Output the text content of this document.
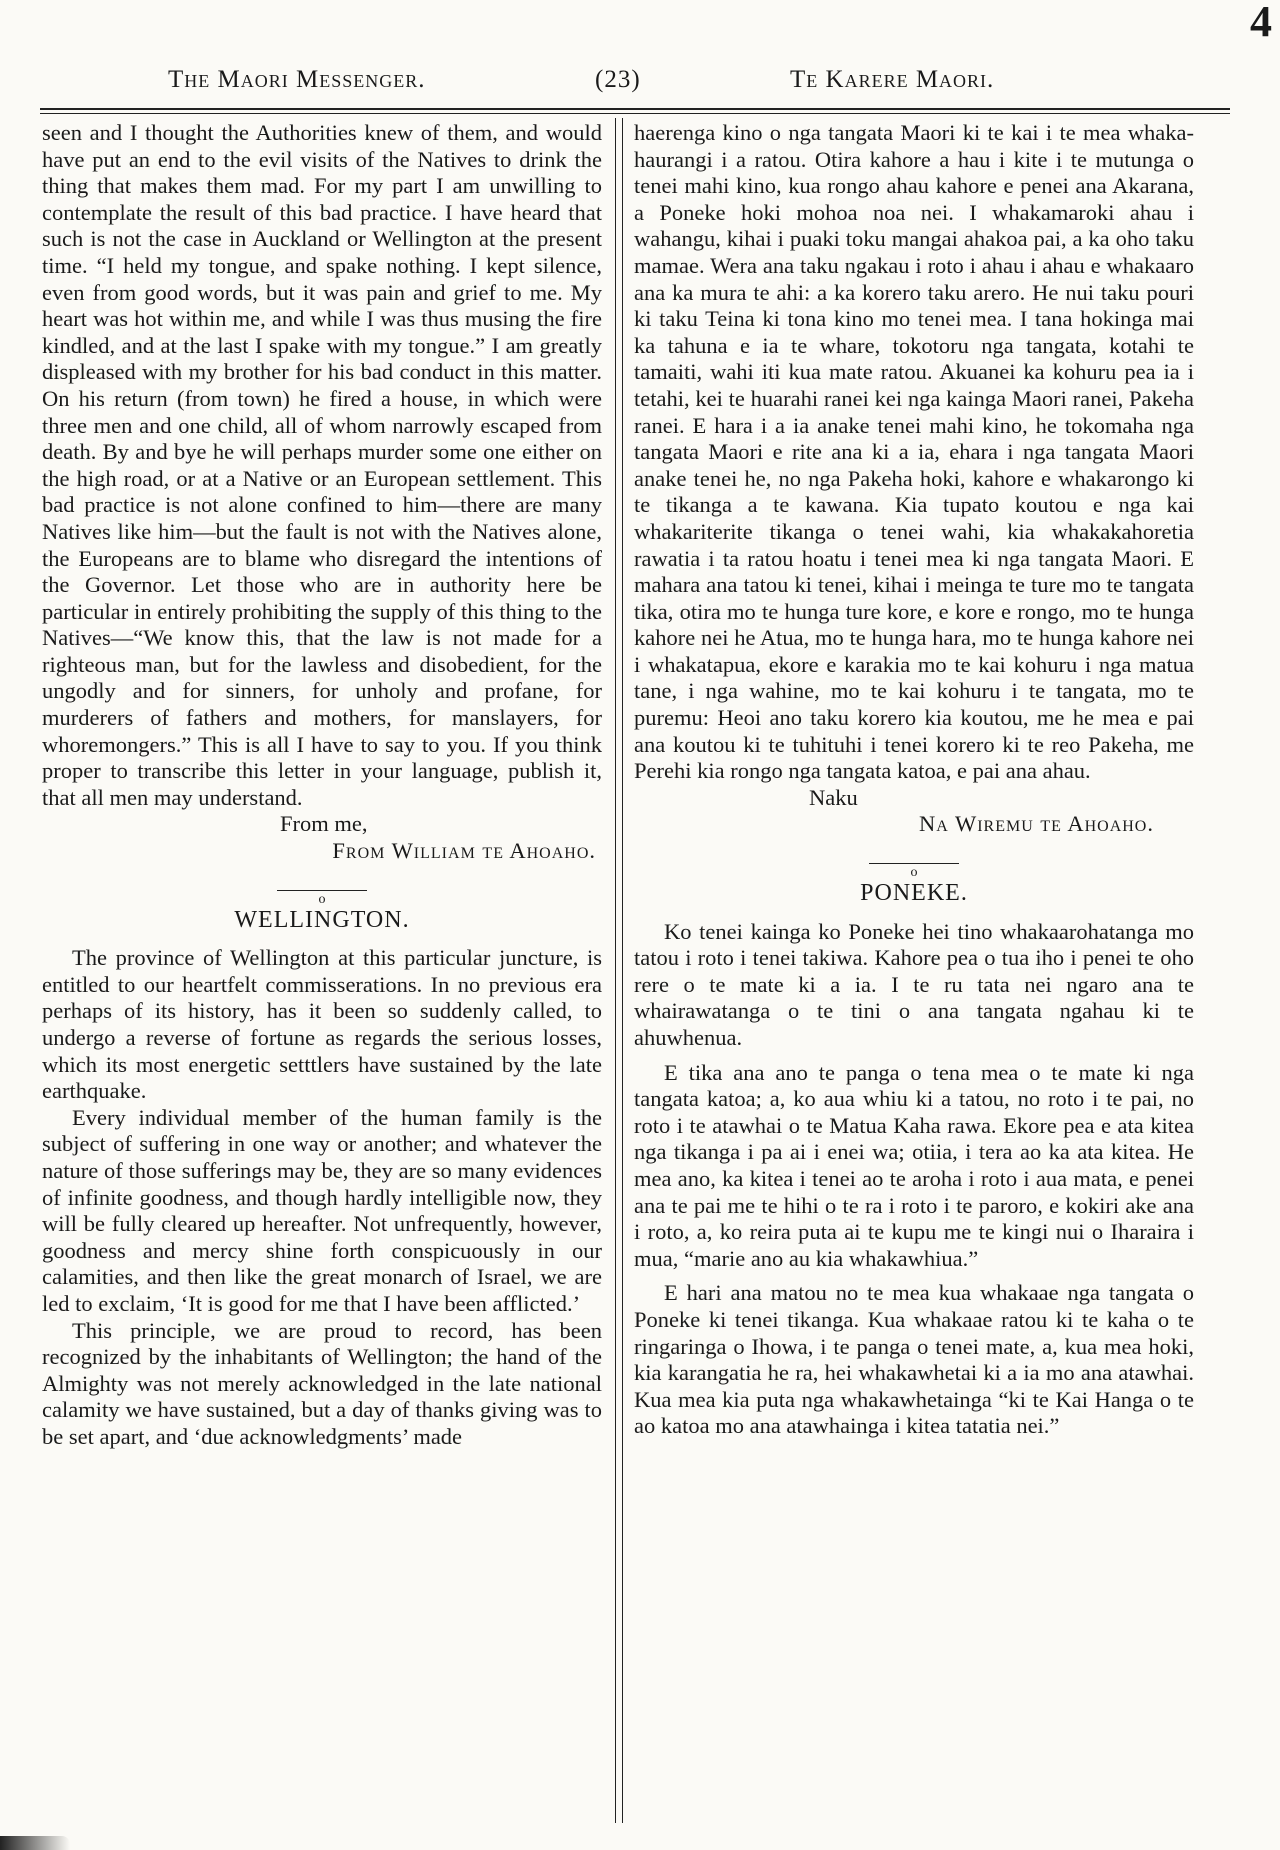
4
The Maori Messenger.	(23)	Te Karere Maori.

seen and I thought the Authorities knew of them, and would have put an end to the evil visits of the Natives to drink the thing that makes them mad. For my part I am unwilling to contemplate the result of this bad practice. I have heard that such is not the case in Auckland or Wellington at the present time. “I held my tongue, and spake nothing. I kept silence, even from good words, but it was pain and grief to me. My heart was hot within me, and while I was thus musing the fire kindled, and at the last I spake with my tongue.” I am greatly displeased with my brother for his bad conduct in this matter. On his return (from town) he fired a house, in which were three men and one child, all of whom narrowly escaped from death. By and bye he will perhaps murder some one either on the high road, or at a Native or an European settlement. This bad practice is not alone confined to him—there are many Natives like him—but the fault is not with the Natives alone, the Europeans are to blame who disregard the intentions of the Governor. Let those who are in authority here be particular in entirely prohibiting the supply of this thing to the Natives—“We know this, that the law is not made for a righteous man, but for the lawless and disobedient, for the ungodly and for sinners, for unholy and profane, for murderers of fathers and mothers, for manslayers, for whoremongers.” This is all I have to say to you. If you think proper to transcribe this letter in your language, publish it, that all men may understand.

From me,

From William te Ahoaho.

o
WELLINGTON.

The province of Wellington at this particular juncture, is entitled to our heartfelt commisserations. In no previous era perhaps of its history, has it been so suddenly called, to undergo a reverse of fortune as regards the serious losses, which its most energetic setttlers have sustained by the late earthquake.

Every individual member of the human family is the subject of suffering in one way or another; and whatever the nature of those sufferings may be, they are so many evidences of infinite goodness, and though hardly intelligible now, they will be fully cleared up hereafter. Not unfrequently, however, goodness and mercy shine forth conspicuously in our calamities, and then like the great monarch of Israel, we are led to exclaim, ‘It is good for me that I have been afflicted.’

This principle, we are proud to record, has been recognized by the inhabitants of Wellington; the hand of the Almighty was not merely acknowledged in the late national calamity we have sustained, but a day of thanks giving was to be set apart, and ‘due acknowledgments’ made

haerenga kino o nga tangata Maori ki te kai i te mea whaka-haurangi i a ratou. Otira kahore a hau i kite i te mutunga o tenei mahi kino, kua rongo ahau kahore e penei ana Akarana, a Poneke hoki mohoa noa nei. I whakamaroki ahau i wahangu, kihai i puaki toku mangai ahakoa pai, a ka oho taku mamae. Wera ana taku ngakau i roto i ahau i ahau e whakaaro ana ka mura te ahi: a ka korero taku arero. He nui taku pouri ki taku Teina ki tona kino mo tenei mea. I tana hokinga mai ka tahuna e ia te whare, tokotoru nga tangata, kotahi te tamaiti, wahi iti kua mate ratou. Akuanei ka kohuru pea ia i tetahi, kei te huarahi ranei kei nga kainga Maori ranei, Pakeha ranei. E hara i a ia anake tenei mahi kino, he tokomaha nga tangata Maori e rite ana ki a ia, ehara i nga tangata Maori anake tenei he, no nga Pakeha hoki, kahore e whakarongo ki te tikanga a te kawana. Kia tupato koutou e nga kai whakariterite tikanga o tenei wahi, kia whakakahoretia rawatia i ta ratou hoatu i tenei mea ki nga tangata Maori. E mahara ana tatou ki tenei, kihai i meinga te ture mo te tangata tika, otira mo te hunga ture kore, e kore e rongo, mo te hunga kahore nei he Atua, mo te hunga hara, mo te hunga kahore nei i whakatapua, ekore e karakia mo te kai kohuru i nga matua tane, i nga wahine, mo te kai kohuru i te tangata, mo te puremu: Heoi ano taku korero kia koutou, me he mea e pai ana koutou ki te tuhituhi i tenei korero ki te reo Pakeha, me Perehi kia rongo nga tangata katoa, e pai ana ahau.

Naku

Na Wiremu te Ahoaho.

o
PONEKE.

Ko tenei kainga ko Poneke hei tino whakaarohatanga mo tatou i roto i tenei takiwa. Kahore pea o tua iho i penei te oho rere o te mate ki a ia. I te ru tata nei ngaro ana te whairawatanga o te tini o ana tangata ngahau ki te ahuwhenua.

E tika ana ano te panga o tena mea o te mate ki nga tangata katoa; a, ko aua whiu ki a tatou, no roto i te pai, no roto i te atawhai o te Matua Kaha rawa. Ekore pea e ata kitea nga tikanga i pa ai i enei wa; otiia, i tera ao ka ata kitea. He mea ano, ka kitea i tenei ao te aroha i roto i aua mata, e penei ana te pai me te hihi o te ra i roto i te paroro, e kokiri ake ana i roto, a, ko reira puta ai te kupu me te kingi nui o Iharaira i mua, “marie ano au kia whakawhiua.”

E hari ana matou no te mea kua whakaae nga tangata o Poneke ki tenei tikanga. Kua whakaae ratou ki te kaha o te ringaringa o Ihowa, i te panga o tenei mate, a, kua mea hoki, kia karangatia he ra, hei whakawhetai ki a ia mo ana atawhai. Kua mea kia puta nga whakawhetainga “ki te Kai Hanga o te ao katoa mo ana atawhainga i kitea tatatia nei.”
